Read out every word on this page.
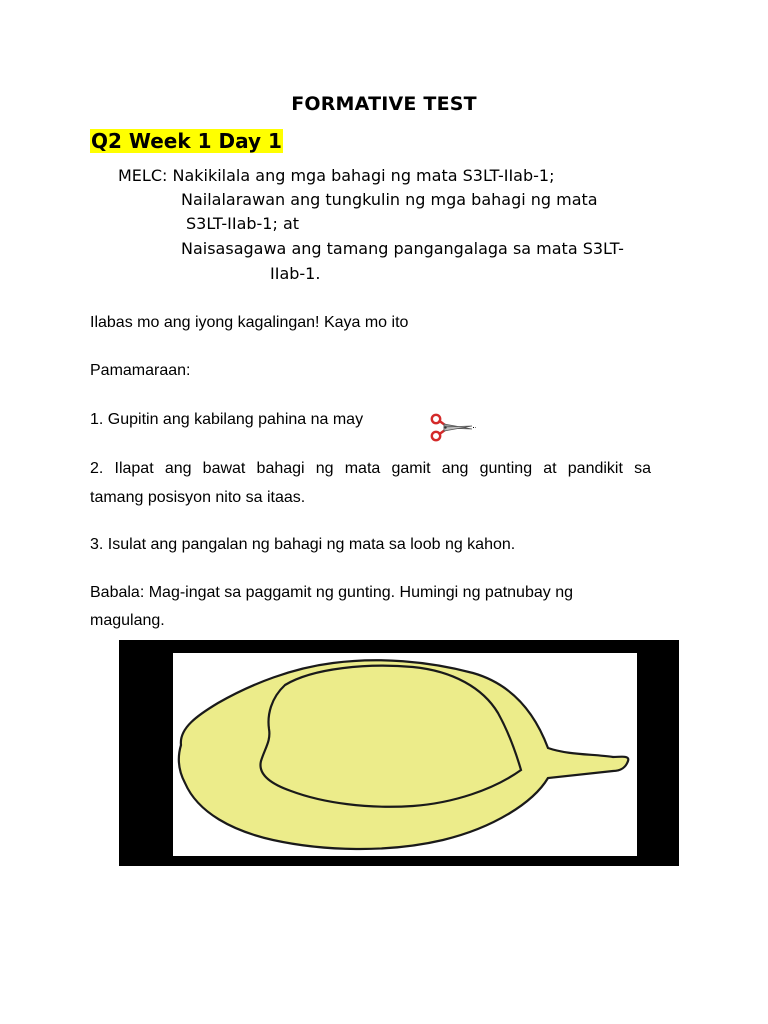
FORMATIVE TEST
Q2 Week 1 Day 1
MELC: Nakikilala ang mga bahagi ng mata S3LT-IIab-1;
Nailalarawan ang tungkulin ng mga bahagi ng mata
S3LT-IIab-1; at
Naisasagawa ang tamang pangangalaga sa mata S3LT-
IIab-1.
Ilabas mo ang iyong kagalingan! Kaya mo ito
Pamamaraan:
1. Gupitin ang kabilang pahina na may
2. Ilapat ang bawat bahagi ng mata gamit ang gunting at pandikit sa
tamang posisyon nito sa itaas.
3. Isulat ang pangalan ng bahagi ng mata sa loob ng kahon.
Babala: Mag-ingat sa paggamit ng gunting. Humingi ng patnubay ng
magulang.
